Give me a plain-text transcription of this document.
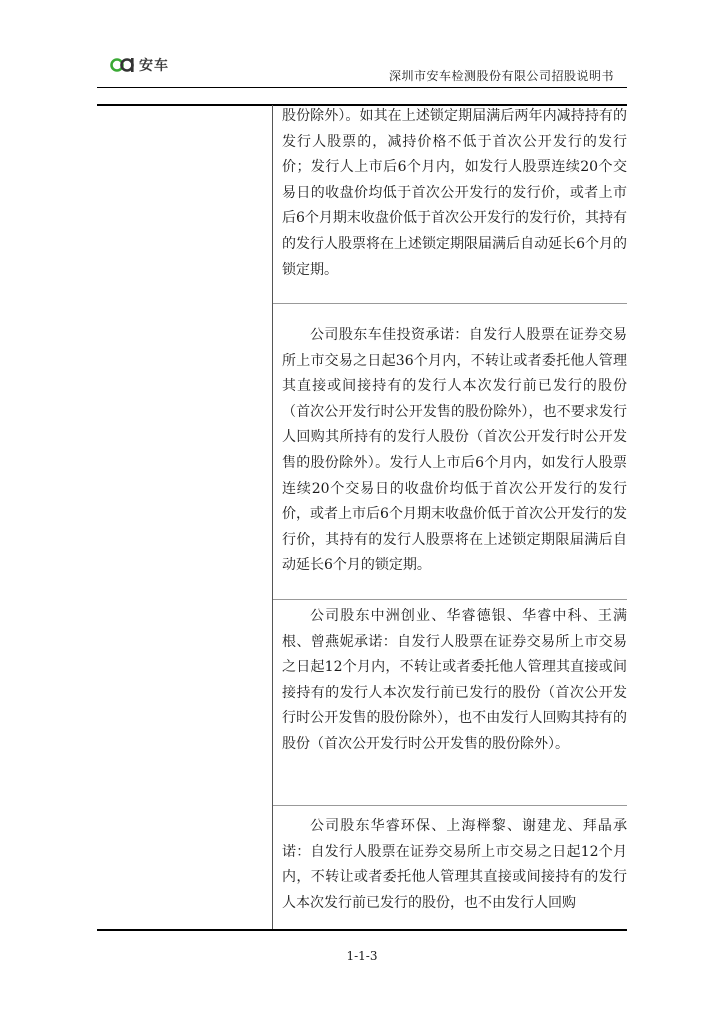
安车
深圳市安车检测股份有限公司招股说明书

股份除外）。如其在上述锁定期届满后两年内减持持有的发行人股票的，减持价格不低于首次公开发行的发行价；发行人上市后6个月内，如发行人股票连续20个交易日的收盘价均低于首次公开发行的发行价，或者上市后6个月期末收盘价低于首次公开发行的发行价，其持有的发行人股票将在上述锁定期限届满后自动延长6个月的锁定期。

公司股东车佳投资承诺：自发行人股票在证券交易所上市交易之日起36个月内，不转让或者委托他人管理其直接或间接持有的发行人本次发行前已发行的股份（首次公开发行时公开发售的股份除外），也不要求发行人回购其所持有的发行人股份（首次公开发行时公开发售的股份除外）。发行人上市后6个月内，如发行人股票连续20个交易日的收盘价均低于首次公开发行的发行价，或者上市后6个月期末收盘价低于首次公开发行的发行价，其持有的发行人股票将在上述锁定期限届满后自动延长6个月的锁定期。

公司股东中洲创业、华睿德银、华睿中科、王满根、曾燕妮承诺：自发行人股票在证券交易所上市交易之日起12个月内，不转让或者委托他人管理其直接或间接持有的发行人本次发行前已发行的股份（首次公开发行时公开发售的股份除外），也不由发行人回购其持有的股份（首次公开发行时公开发售的股份除外）。

公司股东华睿环保、上海榉黎、谢建龙、拜晶承诺：自发行人股票在证券交易所上市交易之日起12个月内，不转让或者委托他人管理其直接或间接持有的发行人本次发行前已发行的股份，也不由发行人回购

1-1-3
